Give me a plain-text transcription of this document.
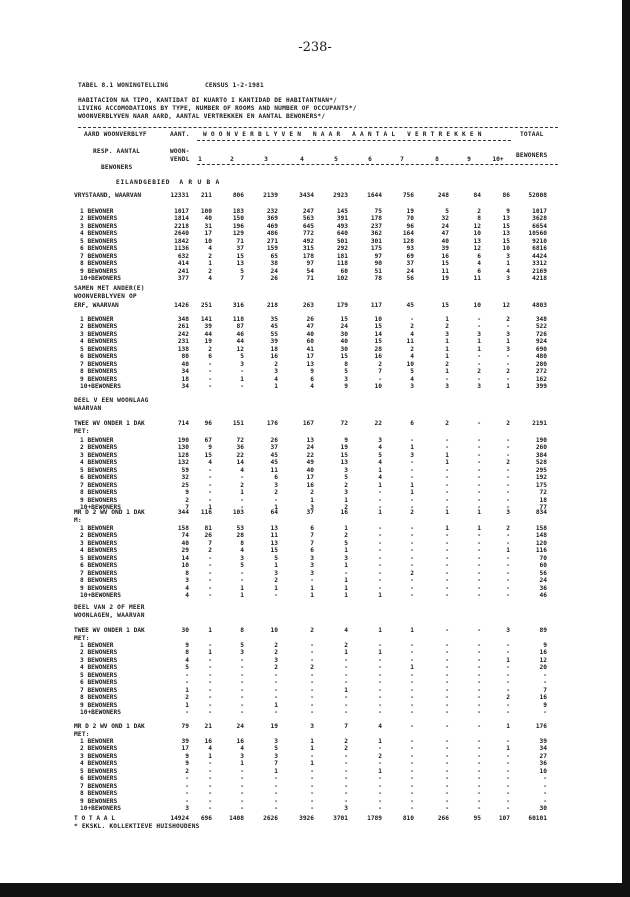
-238-
TABEL 8.1 WONINGTELLING	CENSUS 1-2-1981
HABITACION NA TIPO, KANTIDAT DI KUARTO I KANTIDAD DE HABITANTNAN*/
LIVING ACCOMODATIONS BY TYPE, NUMBER OF ROOMS AND NUMBER OF OCCUPANTS*/
WOONVERBLYVEN NAAR AARD, AANTAL VERTREKKEN EN AANTAL BEWONERS*/
AARD WOONVERBLYF
RESP. AANTAL
BEWONERS
AANT.
WOON-
VENDL
W O O N V E R B L Y V E N   N A A R   A A N T A L   V E R T R E K K E N	TOTAAL
BEWONERS
1	2	3	4	5	6	7	8	9	10+
EILANDGEBIED  A R U B A
VRYSTAAND, WAARVAN	12331	211	806	2139	3434	2923	1644	756	248	84	86	52008
1 BEWONER	1017	100	183	232	247	145	75	19	5	2	9	1017
2 BEWONERS	1814	40	150	369	563	391	178	70	32	8	13	3628
3 BEWONERS	2218	31	196	469	645	493	237	96	24	12	15	6654
4 BEWONERS	2640	17	129	486	772	640	362	164	47	10	13	10560
5 BEWONERS	1842	10	71	271	492	501	301	128	40	13	15	9210
6 BEWONERS	1136	4	37	159	315	292	175	93	39	12	10	6816
7 BEWONERS	632	2	15	65	178	181	97	69	16	6	3	4424
8 BEWONERS	414	1	13	38	97	118	90	37	15	4	1	3312
9 BEWONERS	241	2	5	24	54	60	51	24	11	6	4	2169
10+BEWONERS	377	4	7	26	71	102	78	56	19	11	3	4218
SAMEN MET ANDER(E)
WOONVERBLYVEN OP
ERF, WAARVAN	1426	251	316	218	263	179	117	45	15	10	12	4803
1 BEWONER	348	141	118	35	26	15	10	-	1	-	2	348
2 BEWONERS	261	39	87	45	47	24	15	2	2	-	-	522
3 BEWONERS	242	44	46	55	40	30	14	4	3	3	3	726
4 BEWONERS	231	19	44	39	60	40	15	11	1	1	1	924
5 BEWONERS	138	2	12	18	41	30	28	2	1	1	3	690
6 BEWONERS	80	6	5	16	17	15	16	4	1	-	-	480
7 BEWONERS	40	-	3	2	13	8	2	10	2	-	-	280
8 BEWONERS	34	-	-	3	9	5	7	5	1	2	2	272
9 BEWONERS	18	-	1	4	6	3	-	4	-	-	-	162
10+BEWONERS	34	-	-	1	4	9	10	3	3	3	1	399
DEEL V EEN WOONLAAG
WAARVAN
TWEE WV ONDER 1 DAK	714	96	151	176	167	72	22	6	2	-	2	2191
MET:
1 BEWONER	190	67	72	26	13	9	3	-	-	-	-	190
2 BEWONERS	130	9	36	37	24	19	4	1	-	-	-	260
3 BEWONERS	128	15	22	45	22	15	5	3	1	-	-	384
4 BEWONERS	132	4	14	45	49	13	4	-	1	-	2	528
5 BEWONERS	59	-	4	11	40	3	1	-	-	-	-	295
6 BEWONERS	32	-	-	6	17	5	4	-	-	-	-	192
7 BEWONERS	25	-	2	3	16	2	1	1	-	-	-	175
8 BEWONERS	9	-	1	2	2	3	-	1	-	-	-	72
9 BEWONERS	2	-	-	-	1	1	-	-	-	-	-	18
10+BEWONERS	7	1	-	1	3	2	-	-	-	-	-	77
MR D 2 WV OND 1 DAK	344	116	103	64	37	16	1	2	1	1	3	834
M:
1 BEWONER	158	81	53	13	6	1	-	-	1	1	2	158
2 BEWONERS	74	26	28	11	7	2	-	-	-	-	-	148
3 BEWONERS	40	7	8	13	7	5	-	-	-	-	-	120
4 BEWONERS	29	2	4	15	6	1	-	-	-	-	1	116
5 BEWONERS	14	-	3	5	3	3	-	-	-	-	-	70
6 BEWONERS	10	-	5	1	3	1	-	-	-	-	-	60
7 BEWONERS	8	-	-	3	3	-	-	2	-	-	-	56
8 BEWONERS	3	-	-	2	-	1	-	-	-	-	-	24
9 BEWONERS	4	-	1	1	1	1	-	-	-	-	-	36
10+BEWONERS	4	-	1	-	1	1	1	-	-	-	-	46
DEEL VAN 2 OF MEER
WOONLAGEN, WAARVAN
TWEE WV ONDER 1 DAK	30	1	8	10	2	4	1	1	-	-	3	89
MET:
1 BEWONER	9	-	5	2	-	2	-	-	-	-	-	9
2 BEWONERS	8	1	3	2	-	1	1	-	-	-	-	16
3 BEWONERS	4	-	-	3	-	-	-	-	-	-	1	12
4 BEWONERS	5	-	-	2	2	-	-	1	-	-	-	20
5 BEWONERS	-	-	-	-	-	-	-	-	-	-	-	-
6 BEWONERS	-	-	-	-	-	-	-	-	-	-	-	-
7 BEWONERS	1	-	-	-	-	1	-	-	-	-	-	7
8 BEWONERS	2	-	-	-	-	-	-	-	-	-	2	16
9 BEWONERS	1	-	-	1	-	-	-	-	-	-	-	9
10+BEWONERS	-	-	-	-	-	-	-	-	-	-	-	-
MR D 2 WV OND 1 DAK	79	21	24	19	3	7	4	-	-	-	1	176
MET:
1 BEWONER	39	16	16	3	1	2	1	-	-	-	-	39
2 BEWONERS	17	4	4	5	1	2	-	-	-	-	1	34
3 BEWONERS	9	1	3	3	-	-	2	-	-	-	-	27
4 BEWONERS	9	-	1	7	1	-	-	-	-	-	-	36
5 BEWONERS	2	-	-	1	-	-	1	-	-	-	-	10
6 BEWONERS	-	-	-	-	-	-	-	-	-	-	-	-
7 BEWONERS	-	-	-	-	-	-	-	-	-	-	-	-
8 BEWONERS	-	-	-	-	-	-	-	-	-	-	-	-
9 BEWONERS	-	-	-	-	-	-	-	-	-	-	-	-
10+BEWONERS	3	-	-	-	-	3	-	-	-	-	-	30
T O T A A L	14924	696	1408	2626	3926	3701	1789	810	266	95	107	60101
* EKSKL. KOLLEKTIEVE HUISHOUDENS
